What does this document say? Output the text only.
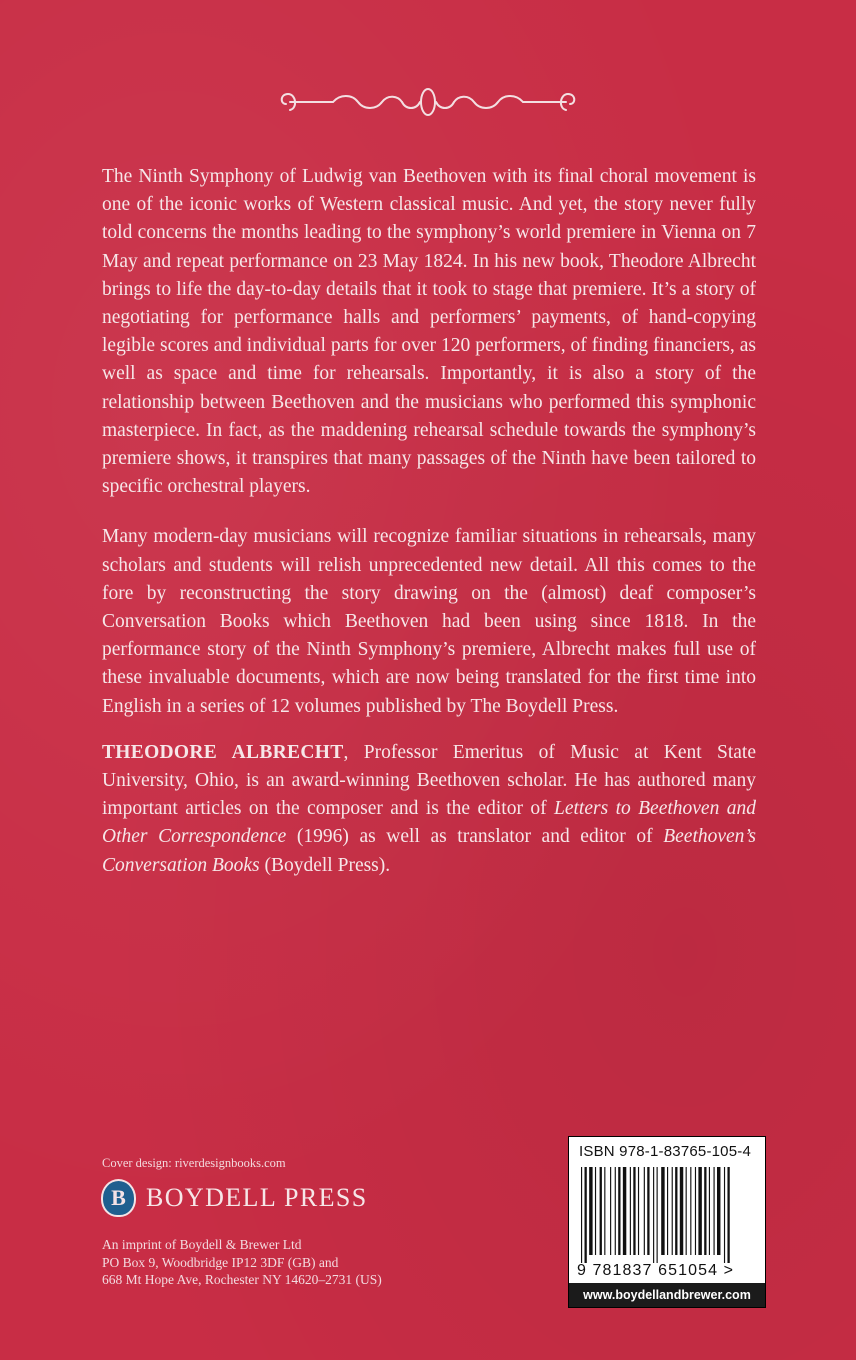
The Ninth Symphony of Ludwig van Beethoven with its final choral movement is one of the iconic works of Western classical music. And yet, the story never fully told concerns the months leading to the symphony’s world premiere in Vienna on 7 May and repeat performance on 23 May 1824. In his new book, Theodore Albrecht brings to life the day-to-day details that it took to stage that premiere. It’s a story of negotiating for performance halls and performers’ payments, of hand-copying legible scores and individual parts for over 120 performers, of finding financiers, as well as space and time for rehearsals. Importantly, it is also a story of the relationship between Beethoven and the musicians who performed this symphonic masterpiece. In fact, as the maddening rehearsal schedule towards the symphony’s premiere shows, it transpires that many passages of the Ninth have been tailored to specific orchestral players.

Many modern-day musicians will recognize familiar situations in rehearsals, many scholars and students will relish unprecedented new detail. All this comes to the fore by reconstructing the story drawing on the (almost) deaf composer’s Conversation Books which Beethoven had been using since 1818. In the performance story of the Ninth Symphony’s premiere, Albrecht makes full use of these invaluable documents, which are now being translated for the first time into English in a series of 12 volumes published by The Boydell Press.

THEODORE ALBRECHT, Professor Emeritus of Music at Kent State University, Ohio, is an award-winning Beethoven scholar. He has authored many important articles on the composer and is the editor of Letters to Beethoven and Other Correspondence (1996) as well as translator and editor of Beethoven’s Conversation Books (Boydell Press).

Cover design: riverdesignbooks.com
B BOYDELL PRESS
An imprint of Boydell & Brewer Ltd
PO Box 9, Woodbridge IP12 3DF (GB) and
668 Mt Hope Ave, Rochester NY 14620–2731 (US)
ISBN 978-1-83765-105-4
9 781837 651054 >
www.boydellandbrewer.com
